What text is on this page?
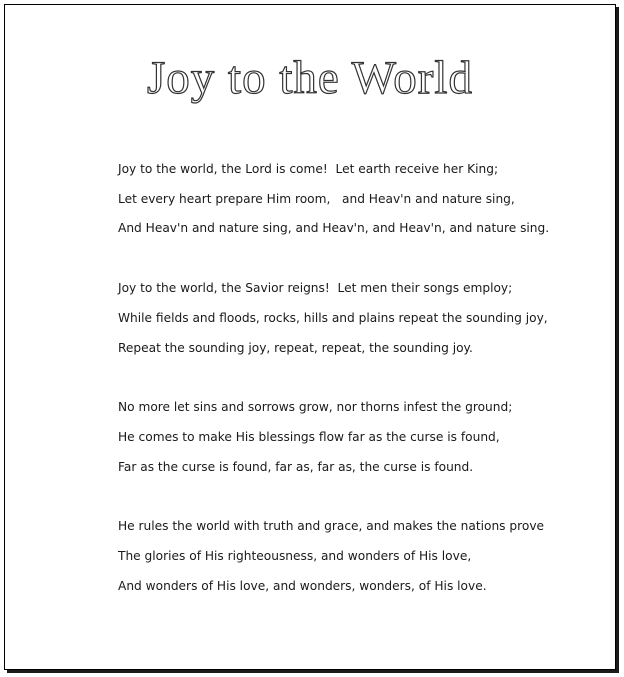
Joy to the World
Joy to the world, the Lord is come!  Let earth receive her King;
Let every heart prepare Him room,   and Heav'n and nature sing,
And Heav'n and nature sing, and Heav'n, and Heav'n, and nature sing.
Joy to the world, the Savior reigns!  Let men their songs employ;
While fields and floods, rocks, hills and plains repeat the sounding joy,
Repeat the sounding joy, repeat, repeat, the sounding joy.
No more let sins and sorrows grow, nor thorns infest the ground;
He comes to make His blessings flow far as the curse is found,
Far as the curse is found, far as, far as, the curse is found.
He rules the world with truth and grace, and makes the nations prove
The glories of His righteousness, and wonders of His love,
And wonders of His love, and wonders, wonders, of His love.
